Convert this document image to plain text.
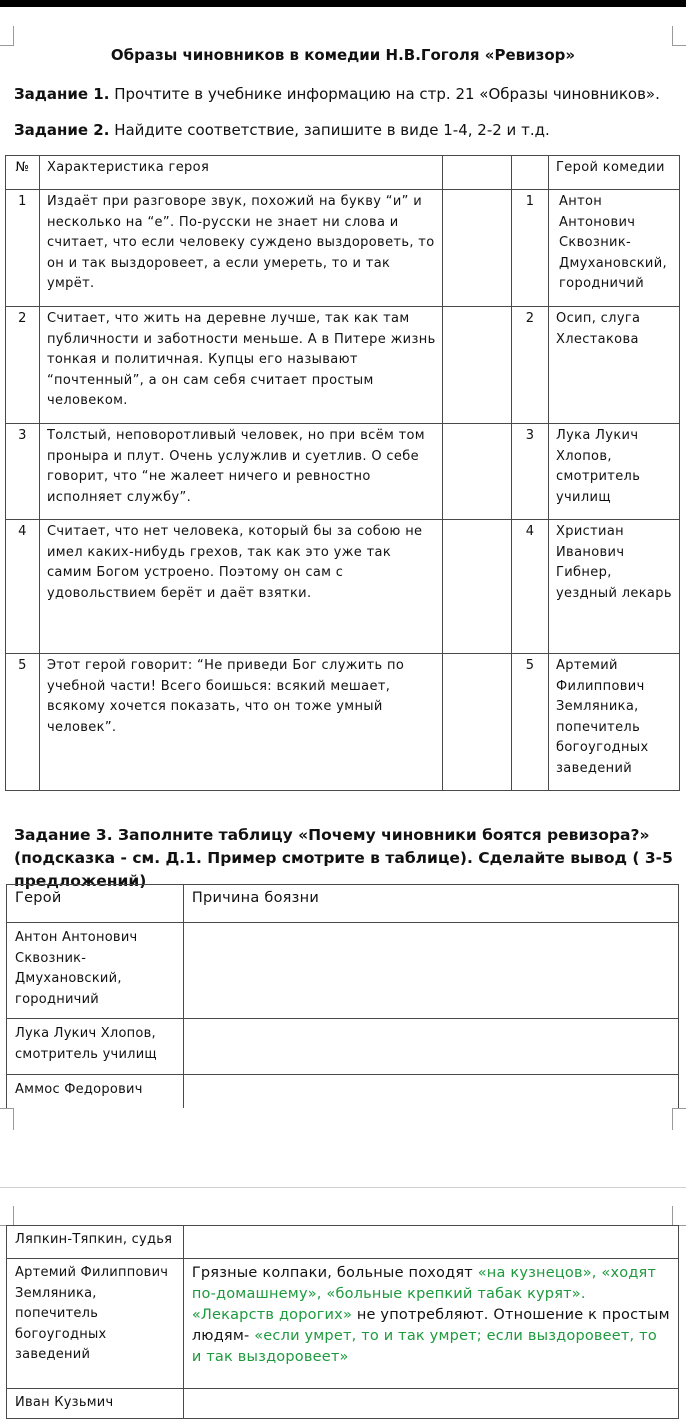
Образы чиновников в комедии Н.В.Гоголя «Ревизор»
Задание 1. Прочтите в учебнике информацию на стр. 21 «Образы чиновников».
Задание 2. Найдите соответствие, запишите в виде 1-4, 2-2 и т.д.
№	Характеристика героя			Герой комедии
1	Издаёт при разговоре звук, похожий на букву “и” и несколько на “е”. По-русски не знает ни слова и считает, что если человеку суждено выздороветь, то он и так выздоровеет, а если умереть, то и так умрёт.		1	Антон Антонович Сквозник-Дмухановский, городничий
2	Считает, что жить на деревне лучше, так как там публичности и заботности меньше. А в Питере жизнь тонкая и политичная. Купцы его называют “почтенный”, а он сам себя считает простым человеком.		2	Осип, слуга Хлестакова
3	Толстый, неповоротливый человек, но при всём том проныра и плут. Очень услужлив и суетлив. О себе говорит, что “не жалеет ничего и ревностно исполняет службу”.		3	Лука Лукич Хлопов, смотритель училищ
4	Считает, что нет человека, который бы за собою не имел каких-нибудь грехов, так как это уже так самим Богом устроено. Поэтому он сам с удовольствием берёт и даёт взятки.		4	Христиан Иванович Гибнер, уездный лекарь
5	Этот герой говорит: “Не приведи Бог служить по учебной части! Всего боишься: всякий мешает, всякому хочется показать, что он тоже умный человек”.		5	Артемий Филиппович Земляника, попечитель богоугодных заведений
Задание 3. Заполните таблицу «Почему чиновники боятся ревизора?» (подсказка - см. Д.1. Пример смотрите в таблице). Сделайте вывод ( 3-5 предложений)
Герой	Причина боязни
Антон Антонович Сквозник-Дмухановский, городничий	
Лука Лукич Хлопов, смотритель училищ	
Аммос Федорович	
Ляпкин-Тяпкин, судья	
Артемий Филиппович Земляника, попечитель богоугодных заведений	Грязные колпаки, больные походят «на кузнецов», «ходят по-домашнему», «больные крепкий табак курят». «Лекарств дорогих» не употребляют. Отношение к простым людям- «если умрет, то и так умрет; если выздоровеет, то и так выздоровеет»
Иван Кузьмич	
